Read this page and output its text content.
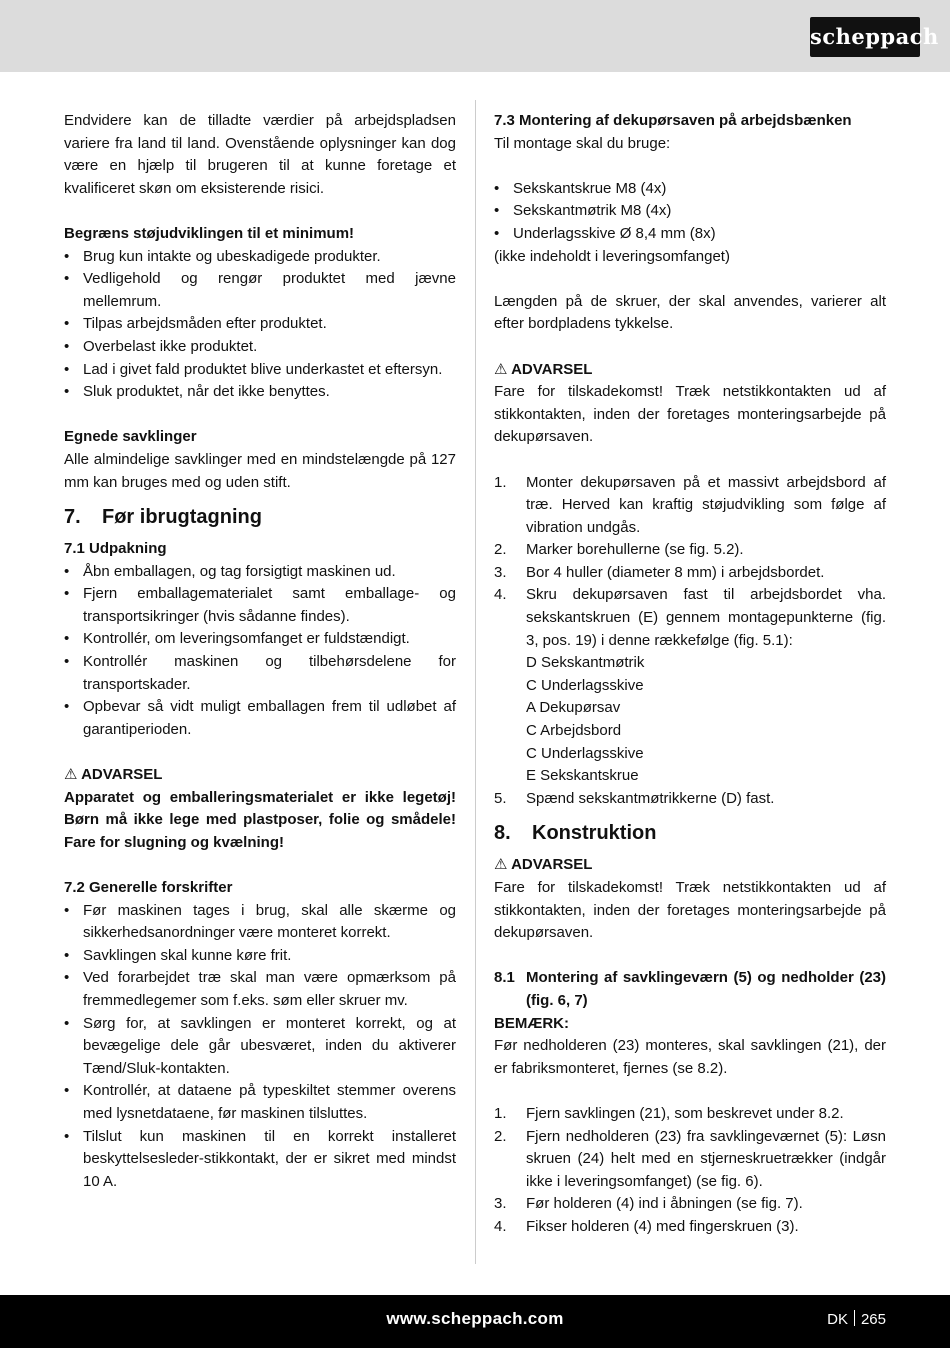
scheppach

Endvidere kan de tilladte værdier på arbejdspladsen variere fra land til land. Ovenstående oplysninger kan dog være en hjælp til brugeren til at kunne foretage et kvalificeret skøn om eksisterende risici.

Begræns støjudviklingen til et minimum!

• Brug kun intakte og ubeskadigede produkter.
• Vedligehold og rengør produktet med jævne mellemrum.
• Tilpas arbejdsmåden efter produktet.
• Overbelast ikke produktet.
• Lad i givet fald produktet blive underkastet et eftersyn.
• Sluk produktet, når det ikke benyttes.

Egnede savklinger

Alle almindelige savklinger med en mindstelængde på 127 mm kan bruges med og uden stift.

7. Før ibrugtagning

7.1 Udpakning

• Åbn emballagen, og tag forsigtigt maskinen ud.
• Fjern emballagematerialet samt emballage- og transportsikringer (hvis sådanne findes).
• Kontrollér, om leveringsomfanget er fuldstændigt.
• Kontrollér maskinen og tilbehørsdelene for transportskader.
• Opbevar så vidt muligt emballagen frem til udløbet af garantiperioden.

⚠ ADVARSEL

Apparatet og emballeringsmaterialet er ikke legetøj! Børn må ikke lege med plastposer, folie og smådele! Fare for slugning og kvælning!

7.2 Generelle forskrifter

• Før maskinen tages i brug, skal alle skærme og sikkerhedsanordninger være monteret korrekt.
• Savklingen skal kunne køre frit.
• Ved forarbejdet træ skal man være opmærksom på fremmedlegemer som f.eks. søm eller skruer mv.
• Sørg for, at savklingen er monteret korrekt, og at bevægelige dele går ubesværet, inden du aktiverer Tænd/Sluk-kontakten.
• Kontrollér, at dataene på typeskiltet stemmer overens med lysnetdataene, før maskinen tilsluttes.
• Tilslut kun maskinen til en korrekt installeret beskyttelsesleder-stikkontakt, der er sikret med mindst 10 A.

7.3 Montering af dekupørsaven på arbejdsbænken

Til montage skal du bruge:

• Sekskantskrue M8 (4x)
• Sekskantmøtrik M8 (4x)
• Underlagsskive Ø 8,4 mm (8x)

(ikke indeholdt i leveringsomfanget)

Længden på de skruer, der skal anvendes, varierer alt efter bordpladens tykkelse.

⚠ ADVARSEL

Fare for tilskadekomst! Træk netstikkontakten ud af stikkontakten, inden der foretages monteringsarbejde på dekupørsaven.

1. Monter dekupørsaven på et massivt arbejdsbord af træ. Herved kan kraftig støjudvikling som følge af vibration undgås.
2. Marker borehullerne (se fig. 5.2).
3. Bor 4 huller (diameter 8 mm) i arbejdsbordet.
4. Skru dekupørsaven fast til arbejdsbordet vha. sekskantskruen (E) gennem montagepunkterne (fig. 3, pos. 19) i denne rækkefølge (fig. 5.1):
D Sekskantmøtrik
C Underlagsskive
A Dekupørsav
C Arbejdsbord
C Underlagsskive
E Sekskantskrue
5. Spænd sekskantmøtrikkerne (D) fast.
8. Konstruktion

⚠ ADVARSEL

Fare for tilskadekomst! Træk netstikkontakten ud af stikkontakten, inden der foretages monteringsarbejde på dekupørsaven.

8.1 Montering af savklingeværn (5) og nedholder (23) (fig. 6, 7)

BEMÆRK:

Før nedholderen (23) monteres, skal savklingen (21), der er fabriksmonteret, fjernes (se 8.2).

1. Fjern savklingen (21), som beskrevet under 8.2.
2. Fjern nedholderen (23) fra savklingeværnet (5): Løsn skruen (24) helt med en stjerneskruetrækker (indgår ikke i leveringsomfanget) (se fig. 6).
3. Før holderen (4) ind i åbningen (se fig. 7).
4. Fikser holderen (4) med fingerskruen (3).
www.scheppach.com	DK 265
